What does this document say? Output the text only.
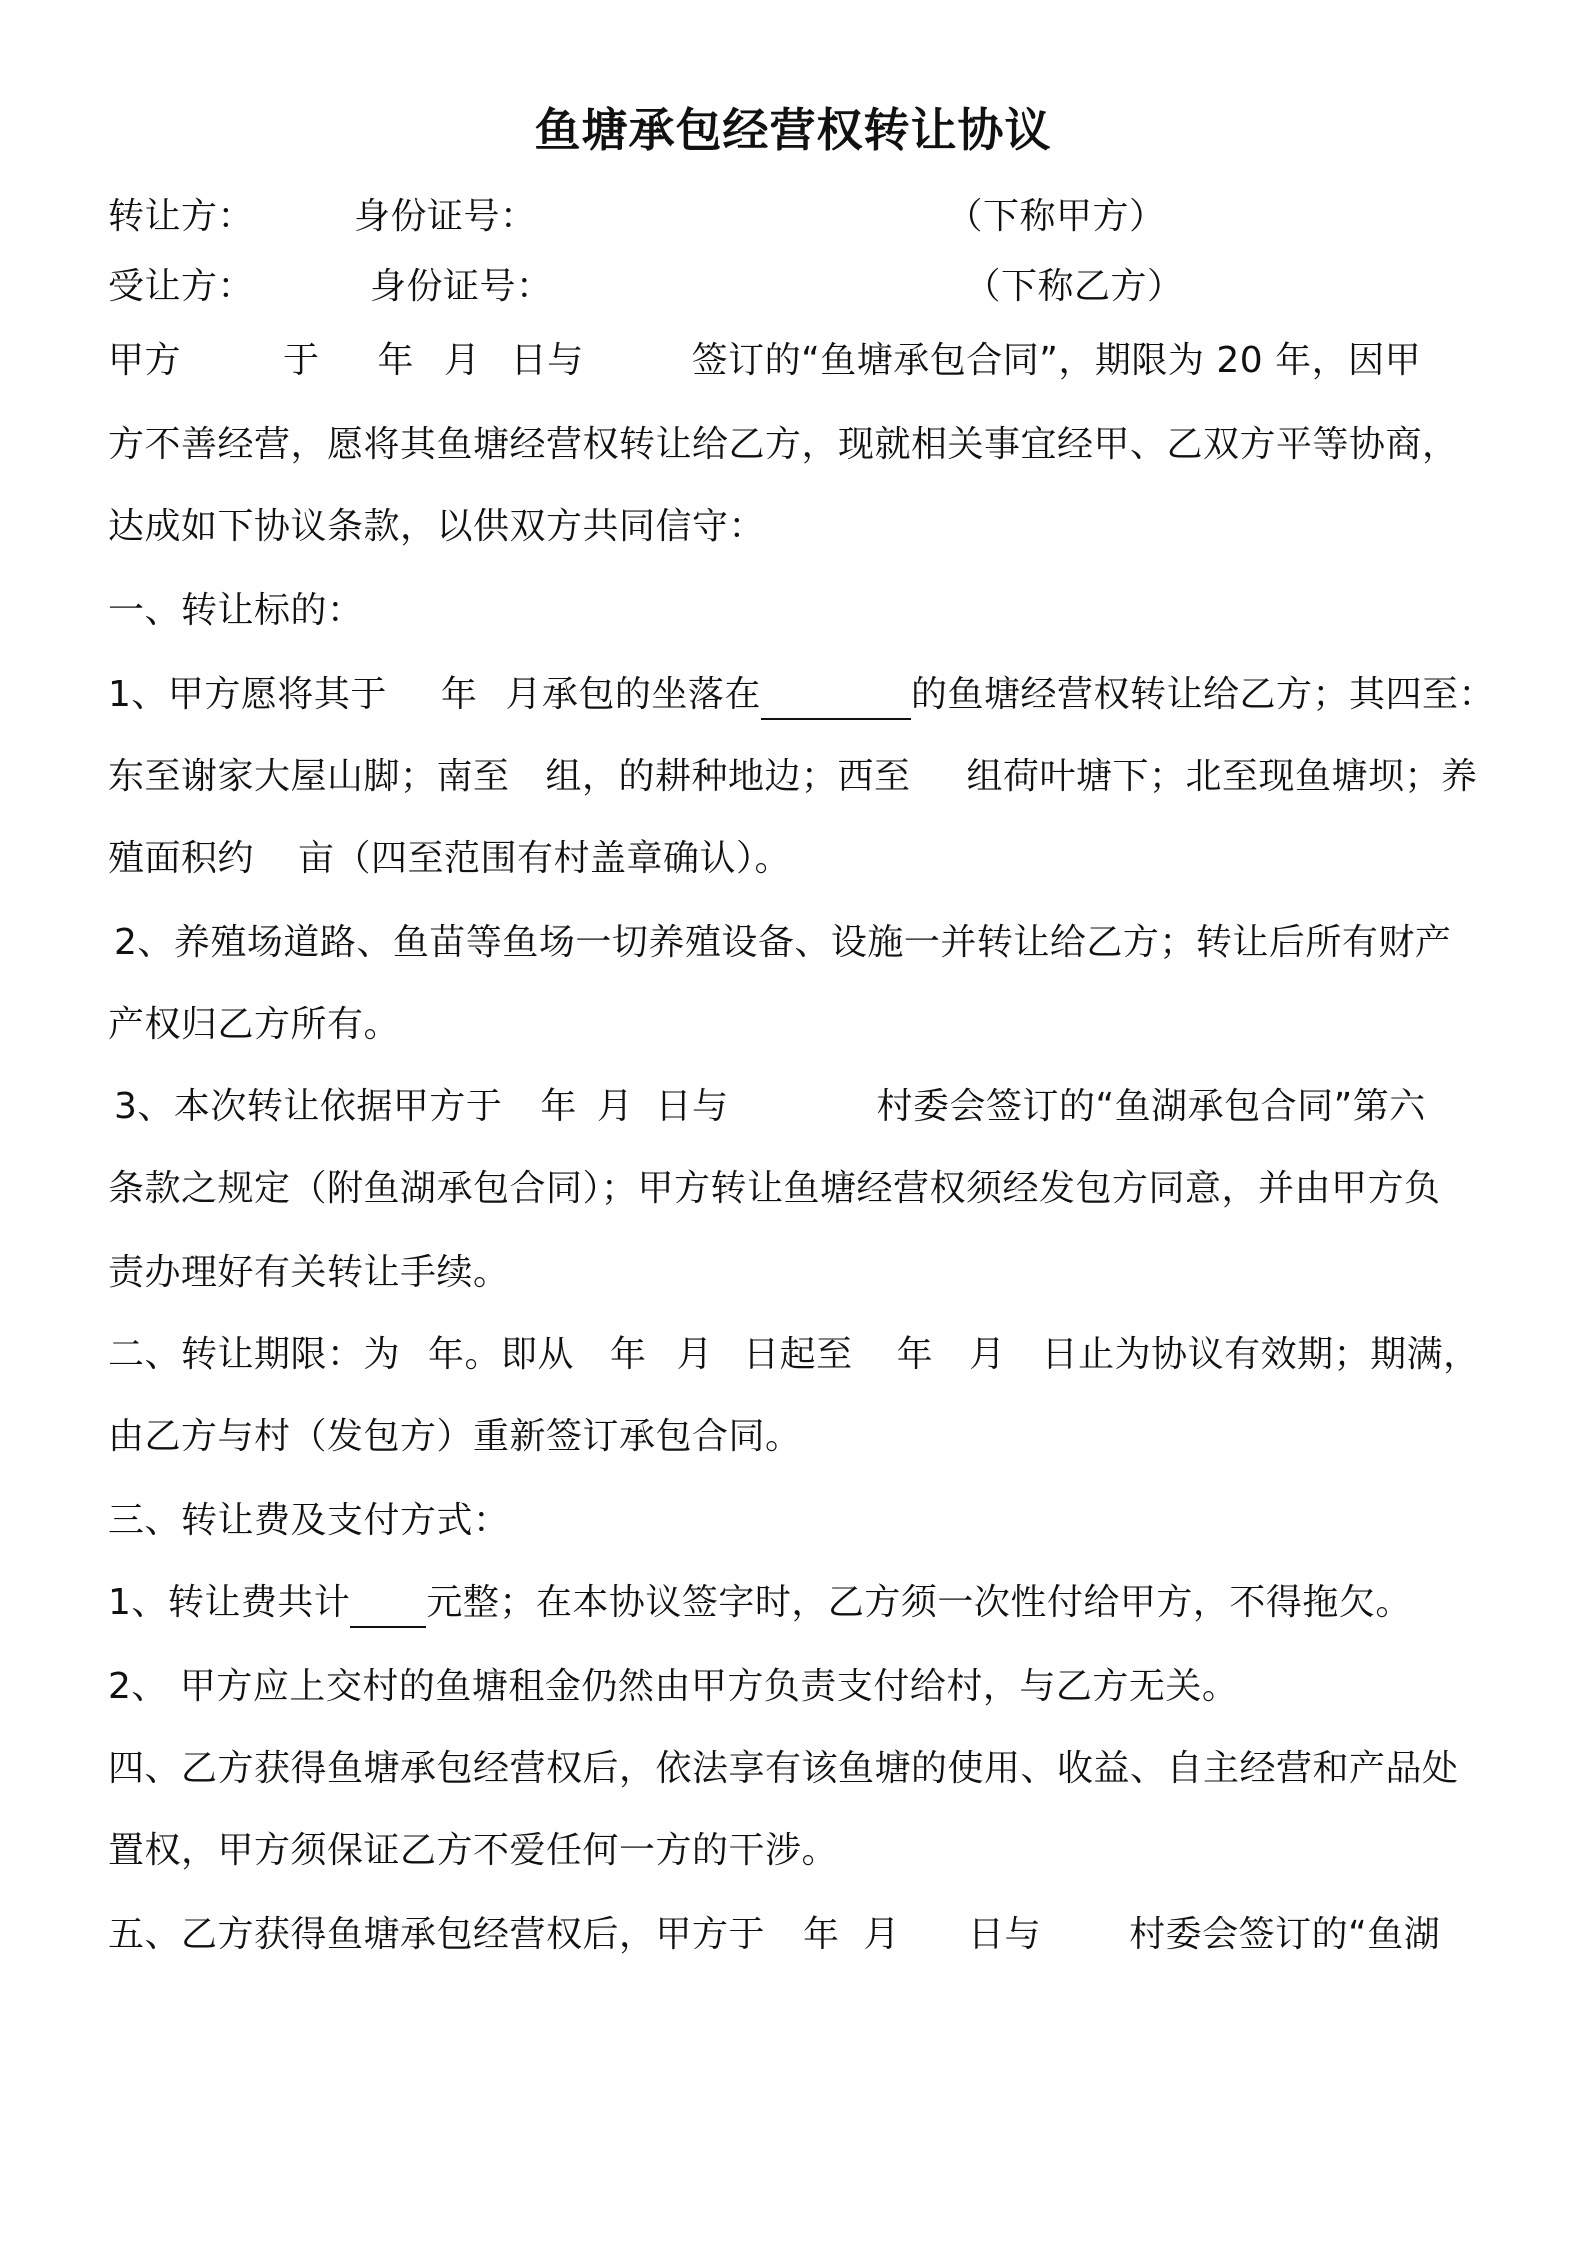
鱼塘承包经营权转让协议
转让方：	身份证号：	（下称甲方）
受让方：	身份证号：	（下称乙方）
甲方	于 年 月 日与	签订的“鱼塘承包合同”，期限为 20 年，因甲
方不善经营，愿将其鱼塘经营权转让给乙方，现就相关事宜经甲、乙双方平等协商，
达成如下协议条款，以供双方共同信守：
一、转让标的：
1、甲方愿将其于 年 月承包的坐落在	的鱼塘经营权转让给乙方；其四至：
东至谢家大屋山脚；南至 组，的耕种地边；西至 组荷叶塘下；北至现鱼塘坝；养
殖面积约 亩（四至范围有村盖章确认）。
2、养殖场道路、鱼苗等鱼场一切养殖设备、设施一并转让给乙方；转让后所有财产
产权归乙方所有。
3、本次转让依据甲方于 年 月 日与	村委会签订的“鱼湖承包合同”第六
条款之规定（附鱼湖承包合同）；甲方转让鱼塘经营权须经发包方同意，并由甲方负
责办理好有关转让手续。
二、转让期限：为 年。即从 年 月 日起至 年 月 日止为协议有效期；期满，
由乙方与村（发包方）重新签订承包合同。
三、转让费及支付方式：
1、转让费共计 元整；在本协议签字时，乙方须一次性付给甲方，不得拖欠。
2、 甲方应上交村的鱼塘租金仍然由甲方负责支付给村，与乙方无关。
四、乙方获得鱼塘承包经营权后，依法享有该鱼塘的使用、收益、自主经营和产品处
置权，甲方须保证乙方不爱任何一方的干涉。
五、乙方获得鱼塘承包经营权后，甲方于 年 月 日与 村委会签订的“鱼湖
